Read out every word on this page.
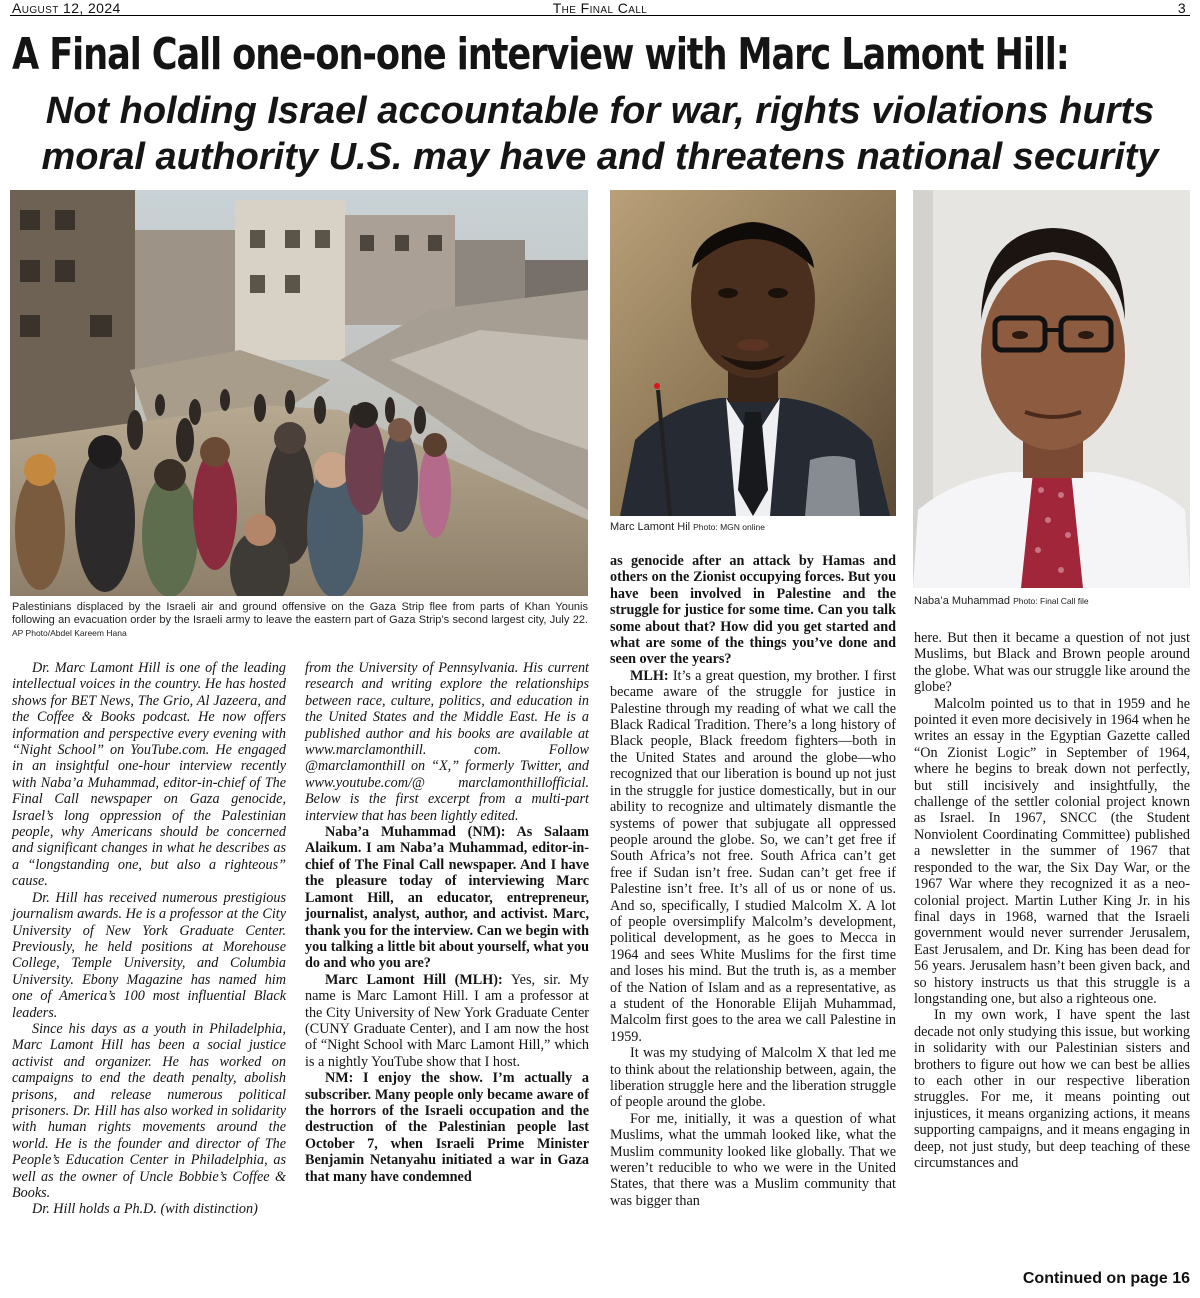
August 12, 2024	The Final Call	3
A Final Call one-on-one interview with Marc Lamont Hill:
Not holding Israel accountable for war, rights violations hurts
moral authority U.S. may have and threatens national security
Palestinians displaced by the Israeli air and ground offensive on the Gaza Strip flee from parts of Khan Younis following an evacuation order by the Israeli army to leave the eastern part of Gaza Strip’s second largest city, July 22. AP Photo/Abdel Kareem Hana
Marc Lamont Hil Photo: MGN online
Naba’a Muhammad Photo: Final Call file

Dr. Marc Lamont Hill is one of the leading intellectual voices in the country. He has hosted shows for BET News, The Grio, Al Jazeera, and the Coffee & Books podcast. He now offers information and perspective every evening with “Night School” on YouTube.com. He engaged in an insightful one-hour interview recently with Naba’a Muhammad, editor-in-chief of The Final Call newspaper on Gaza genocide, Israel’s long oppression of the Palestinian people, why Americans should be concerned and significant changes in what he describes as a “longstanding one, but also a righteous” cause.

Dr. Hill has received numerous prestigious journalism awards. He is a professor at the City University of New York Graduate Center. Previously, he held positions at Morehouse College, Temple University, and Columbia University. Ebony Magazine has named him one of America’s 100 most influential Black leaders.

Since his days as a youth in Philadelphia, Marc Lamont Hill has been a social justice activist and organizer. He has worked on campaigns to end the death penalty, abolish prisons, and release numerous political prisoners. Dr. Hill has also worked in solidarity with human rights movements around the world. He is the founder and director of The People’s Education Center in Philadelphia, as well as the owner of Uncle Bobbie’s Coffee & Books.

Dr. Hill holds a Ph.D. (with distinction)

from the University of Pennsylvania. His current research and writing explore the relationships between race, culture, politics, and education in the United States and the Middle East. He is a published author and his books are available at www.marclamonthill. com. Follow @marclamonthill on “X,” formerly Twitter, and www.youtube.com/@ marclamonthillofficial. Below is the first excerpt from a multi-part interview that has been lightly edited.

Naba’a Muhammad (NM): As Salaam Alaikum. I am Naba’a Muhammad, editor-in-chief of The Final Call newspaper. And I have the pleasure today of interviewing Marc Lamont Hill, an educator, entrepreneur, journalist, analyst, author, and activist. Marc, thank you for the interview. Can we begin with you talking a little bit about yourself, what you do and who you are?

Marc Lamont Hill (MLH): Yes, sir. My name is Marc Lamont Hill. I am a professor at the City University of New York Graduate Center (CUNY Graduate Center), and I am now the host of “Night School with Marc Lamont Hill,” which is a nightly YouTube show that I host.

NM: I enjoy the show. I’m actually a subscriber. Many people only became aware of the horrors of the Israeli occupation and the destruction of the Palestinian people last October 7, when Israeli Prime Minister Benjamin Netanyahu initiated a war in Gaza that many have condemned

as genocide after an attack by Hamas and others on the Zionist occupying forces. But you have been involved in Palestine and the struggle for justice for some time. Can you talk some about that? How did you get started and what are some of the things you’ve done and seen over the years?

MLH: It’s a great question, my brother. I first became aware of the struggle for justice in Palestine through my reading of what we call the Black Radical Tradition. There’s a long history of Black people, Black freedom fighters—both in the United States and around the globe—who recognized that our liberation is bound up not just in the struggle for justice domestically, but in our ability to recognize and ultimately dismantle the systems of power that subjugate all oppressed people around the globe. So, we can’t get free if South Africa’s not free. South Africa can’t get free if Sudan isn’t free. Sudan can’t get free if Palestine isn’t free. It’s all of us or none of us. And so, specifically, I studied Malcolm X. A lot of people oversimplify Malcolm’s development, political development, as he goes to Mecca in 1964 and sees White Muslims for the first time and loses his mind. But the truth is, as a member of the Nation of Islam and as a representative, as a student of the Honorable Elijah Muhammad, Malcolm first goes to the area we call Palestine in 1959.

It was my studying of Malcolm X that led me to think about the relationship between, again, the liberation struggle here and the liberation struggle of people around the globe.

For me, initially, it was a question of what Muslims, what the ummah looked like, what the Muslim community looked like globally. That we weren’t reducible to who we were in the United States, that there was a Muslim community that was bigger than

here. But then it became a question of not just Muslims, but Black and Brown people around the globe. What was our struggle like around the globe?

Malcolm pointed us to that in 1959 and he pointed it even more decisively in 1964 when he writes an essay in the Egyptian Gazette called “On Zionist Logic” in September of 1964, where he begins to break down not perfectly, but still incisively and insightfully, the challenge of the settler colonial project known as Israel. In 1967, SNCC (the Student Nonviolent Coordinating Committee) published a newsletter in the summer of 1967 that responded to the war, the Six Day War, or the 1967 War where they recognized it as a neo-colonial project. Martin Luther King Jr. in his final days in 1968, warned that the Israeli government would never surrender Jerusalem, East Jerusalem, and Dr. King has been dead for 56 years. Jerusalem hasn’t been given back, and so history instructs us that this struggle is a longstanding one, but also a righteous one.

In my own work, I have spent the last decade not only studying this issue, but working in solidarity with our Palestinian sisters and brothers to figure out how we can best be allies to each other in our respective liberation struggles. For me, it means pointing out injustices, it means organizing actions, it means supporting campaigns, and it means engaging in deep, not just study, but deep teaching of these circumstances and

Continued on page 16
